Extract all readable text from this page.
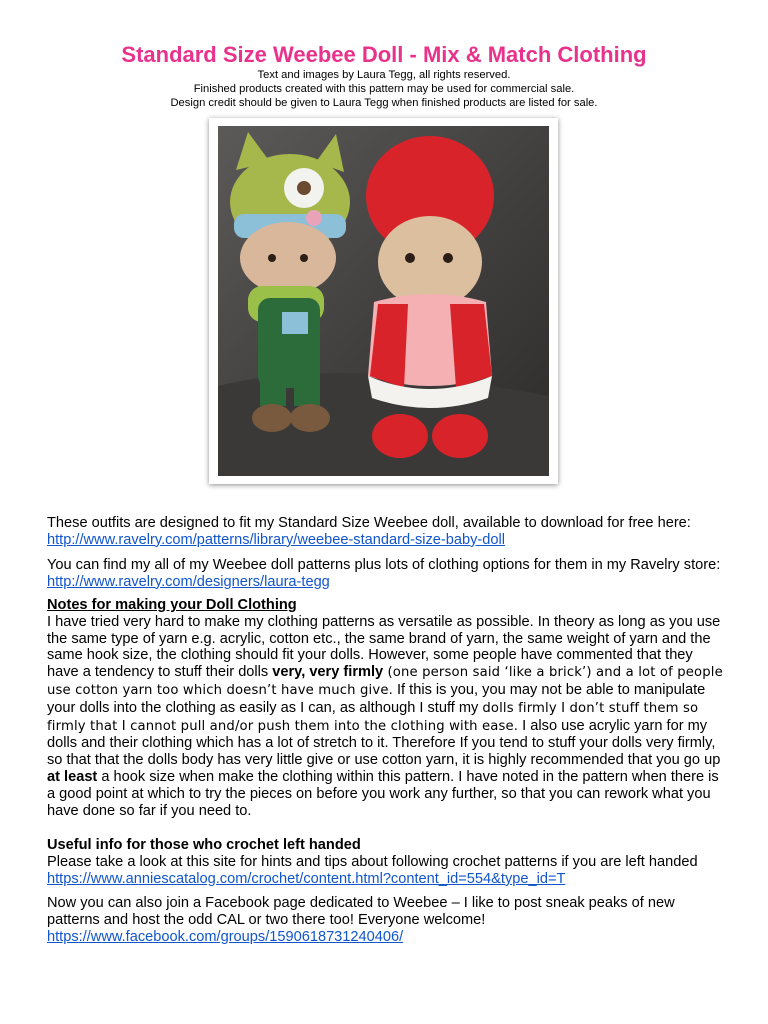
Standard Size Weebee Doll - Mix & Match Clothing
Text and images by Laura Tegg, all rights reserved.
Finished products created with this pattern may be used for commercial sale.
Design credit should be given to Laura Tegg when finished products are listed for sale.
These outfits are designed to fit my Standard Size Weebee doll, available to download for free here: http://www.ravelry.com/patterns/library/weebee-standard-size-baby-doll
You can find my all of my Weebee doll patterns plus lots of clothing options for them in my Ravelry store: http://www.ravelry.com/designers/laura-tegg
Notes for making your Doll Clothing
I have tried very hard to make my clothing patterns as versatile as possible. In theory as long as you use the same type of yarn e.g. acrylic, cotton etc., the same brand of yarn, the same weight of yarn and the same hook size, the clothing should fit your dolls. However, some people have commented that they have a tendency to stuff their dolls very, very firmly (one person said ‘like a brick’) and a lot of people use cotton yarn too which doesn’t have much give. If this is you, you may not be able to manipulate your dolls into the clothing as easily as I can, as although I stuff my dolls firmly I don’t stuff them so firmly that I cannot pull and/or push them into the clothing with ease. I also use acrylic yarn for my dolls and their clothing which has a lot of stretch to it. Therefore If you tend to stuff your dolls very firmly, so that that the dolls body has very little give or use cotton yarn, it is highly recommended that you go up at least a hook size when make the clothing within this pattern. I have noted in the pattern when there is a good point at which to try the pieces on before you work any further, so that you can rework what you have done so far if you need to.
Useful info for those who crochet left handed
Please take a look at this site for hints and tips about following crochet patterns if you are left handed https://www.anniescatalog.com/crochet/content.html?content_id=554&type_id=T
Now you can also join a Facebook page dedicated to Weebee – I like to post sneak peaks of new patterns and host the odd CAL or two there too! Everyone welcome!
https://www.facebook.com/groups/1590618731240406/
